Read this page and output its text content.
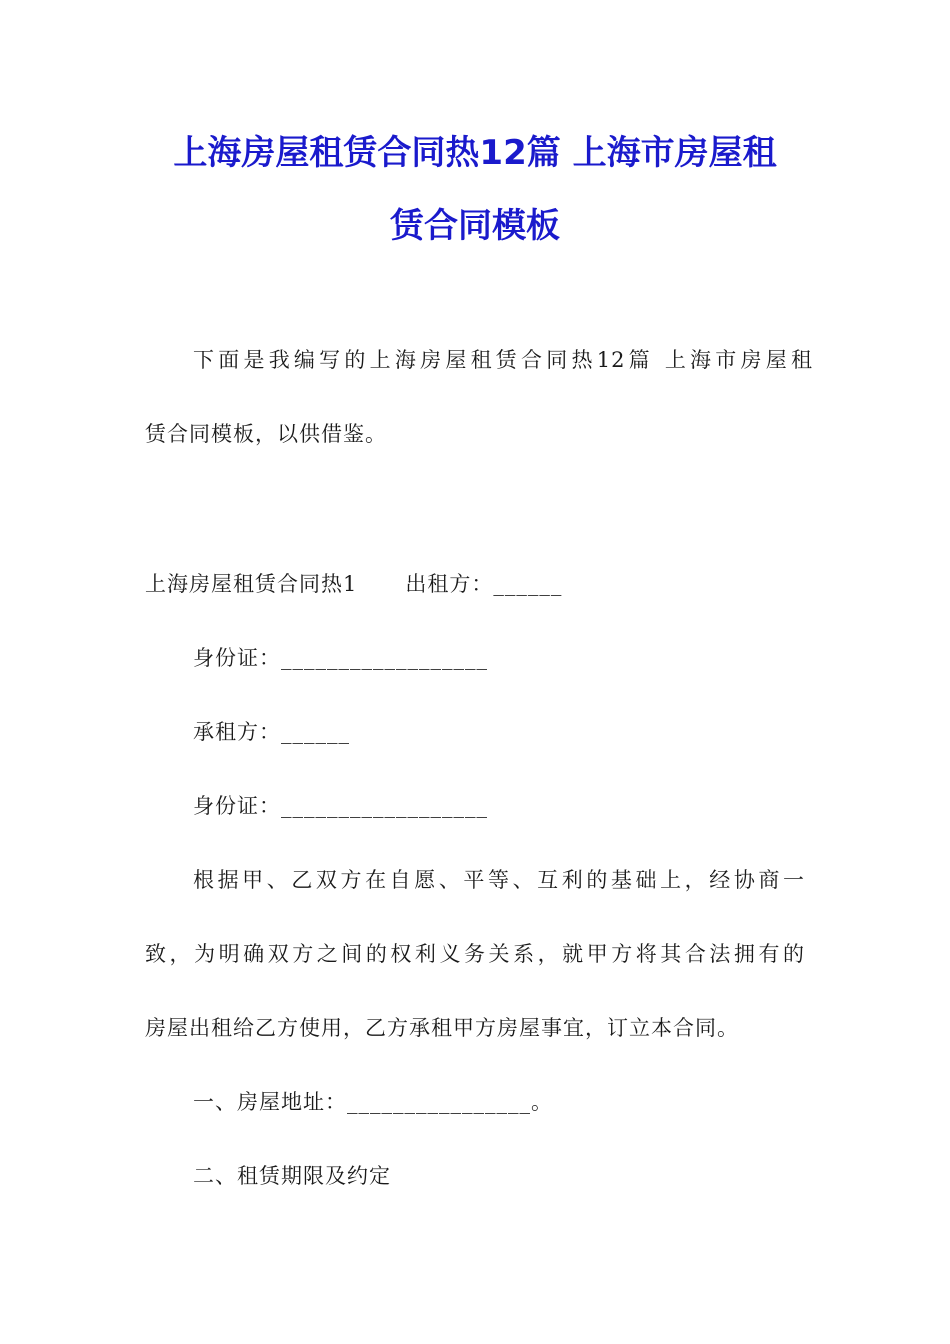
上海房屋租赁合同热12篇 上海市房屋租
赁合同模板

下面是我编写的上海房屋租赁合同热12篇 上海市房屋租

赁合同模板，以供借鉴。

上海房屋租赁合同热1 出租方：______

身份证：__________________

承租方：______

身份证：__________________

根据甲、乙双方在自愿、平等、互利的基础上，经协商一

致，为明确双方之间的权利义务关系，就甲方将其合法拥有的

房屋出租给乙方使用，乙方承租甲方房屋事宜，订立本合同。

一、房屋地址：________________。

二、租赁期限及约定
